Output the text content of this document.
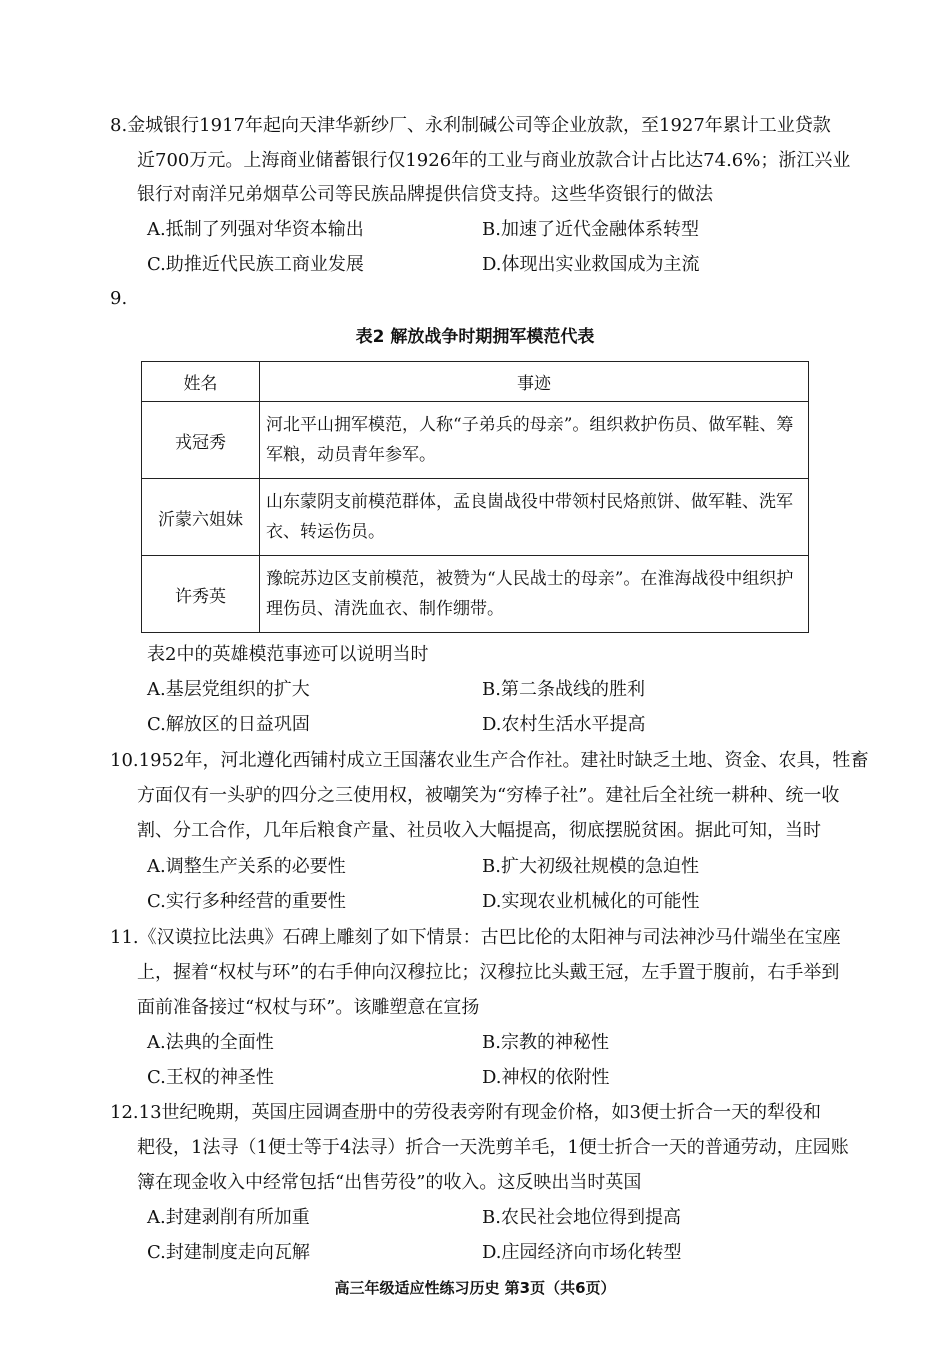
8.金城银行1917年起向天津华新纱厂、永利制碱公司等企业放款，至1927年累计工业贷款
近700万元。上海商业储蓄银行仅1926年的工业与商业放款合计占比达74.6%；浙江兴业
银行对南洋兄弟烟草公司等民族品牌提供信贷支持。这些华资银行的做法
A.抵制了列强对华资本输出	B.加速了近代金融体系转型
C.助推近代民族工商业发展	D.体现出实业救国成为主流
9.
表2 解放战争时期拥军模范代表
姓名	事迹
戎冠秀	河北平山拥军模范，人称“子弟兵的母亲”。组织救护伤员、做军鞋、筹军粮，动员青年参军。
沂蒙六姐妹	山东蒙阴支前模范群体，孟良崮战役中带领村民烙煎饼、做军鞋、洗军衣、转运伤员。
许秀英	豫皖苏边区支前模范，被赞为“人民战士的母亲”。在淮海战役中组织护理伤员、清洗血衣、制作绷带。
表2中的英雄模范事迹可以说明当时
A.基层党组织的扩大	B.第二条战线的胜利
C.解放区的日益巩固	D.农村生活水平提高
10.1952年，河北遵化西铺村成立王国藩农业生产合作社。建社时缺乏土地、资金、农具，牲畜
方面仅有一头驴的四分之三使用权，被嘲笑为“穷棒子社”。建社后全社统一耕种、统一收
割、分工合作，几年后粮食产量、社员收入大幅提高，彻底摆脱贫困。据此可知，当时
A.调整生产关系的必要性	B.扩大初级社规模的急迫性
C.实行多种经营的重要性	D.实现农业机械化的可能性
11.《汉谟拉比法典》石碑上雕刻了如下情景：古巴比伦的太阳神与司法神沙马什端坐在宝座
上，握着“权杖与环”的右手伸向汉穆拉比；汉穆拉比头戴王冠，左手置于腹前，右手举到
面前准备接过“权杖与环”。该雕塑意在宣扬
A.法典的全面性	B.宗教的神秘性
C.王权的神圣性	D.神权的依附性
12.13世纪晚期，英国庄园调查册中的劳役表旁附有现金价格，如3便士折合一天的犁役和
耙役，1法寻（1便士等于4法寻）折合一天洗剪羊毛，1便士折合一天的普通劳动，庄园账
簿在现金收入中经常包括“出售劳役”的收入。这反映出当时英国
A.封建剥削有所加重	B.农民社会地位得到提高
C.封建制度走向瓦解	D.庄园经济向市场化转型
高三年级适应性练习历史 第3页（共6页）
